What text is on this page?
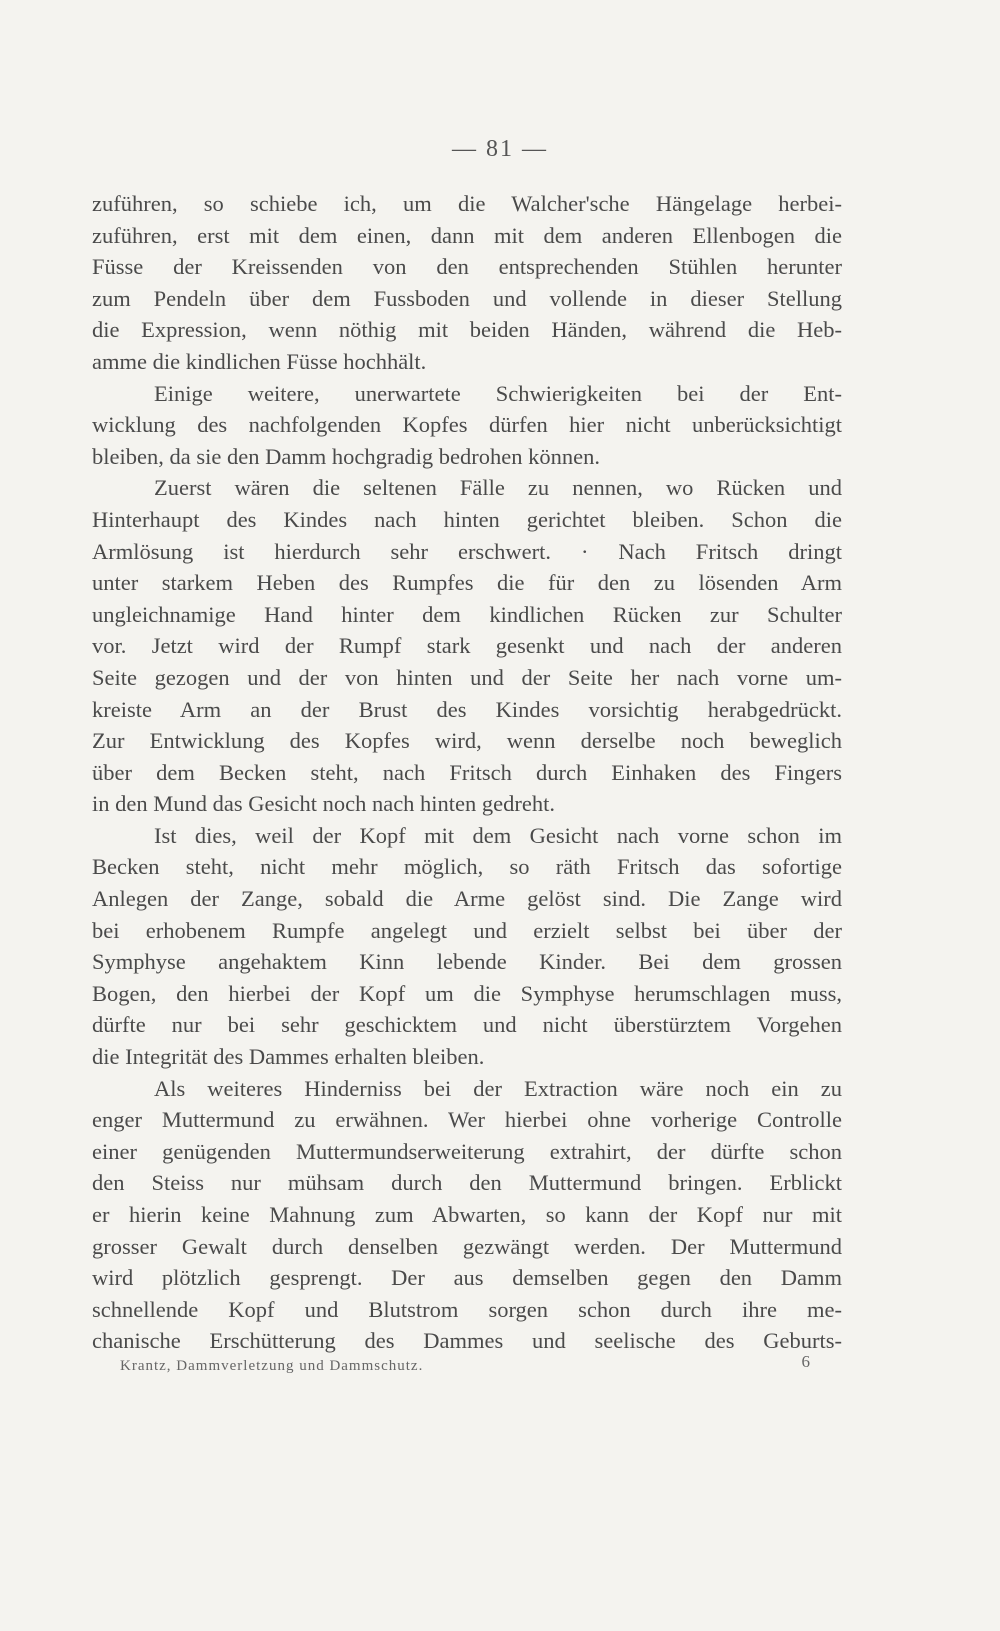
— 81 —
zuführen, so schiebe ich, um die Walcher'sche Hängelage herbei-
zuführen, erst mit dem einen, dann mit dem anderen Ellenbogen die
Füsse der Kreissenden von den entsprechenden Stühlen herunter
zum Pendeln über dem Fussboden und vollende in dieser Stellung
die Expression, wenn nöthig mit beiden Händen, während die Heb-
amme die kindlichen Füsse hochhält.
Einige weitere, unerwartete Schwierigkeiten bei der Ent-
wicklung des nachfolgenden Kopfes dürfen hier nicht unberücksichtigt
bleiben, da sie den Damm hochgradig bedrohen können.
Zuerst wären die seltenen Fälle zu nennen, wo Rücken und
Hinterhaupt des Kindes nach hinten gerichtet bleiben. Schon die
Armlösung ist hierdurch sehr erschwert. · Nach Fritsch dringt
unter starkem Heben des Rumpfes die für den zu lösenden Arm
ungleichnamige Hand hinter dem kindlichen Rücken zur Schulter
vor. Jetzt wird der Rumpf stark gesenkt und nach der anderen
Seite gezogen und der von hinten und der Seite her nach vorne um-
kreiste Arm an der Brust des Kindes vorsichtig herabgedrückt.
Zur Entwicklung des Kopfes wird, wenn derselbe noch beweglich
über dem Becken steht, nach Fritsch durch Einhaken des Fingers
in den Mund das Gesicht noch nach hinten gedreht.
Ist dies, weil der Kopf mit dem Gesicht nach vorne schon im
Becken steht, nicht mehr möglich, so räth Fritsch das sofortige
Anlegen der Zange, sobald die Arme gelöst sind. Die Zange wird
bei erhobenem Rumpfe angelegt und erzielt selbst bei über der
Symphyse angehaktem Kinn lebende Kinder. Bei dem grossen
Bogen, den hierbei der Kopf um die Symphyse herumschlagen muss,
dürfte nur bei sehr geschicktem und nicht überstürztem Vorgehen
die Integrität des Dammes erhalten bleiben.
Als weiteres Hinderniss bei der Extraction wäre noch ein zu
enger Muttermund zu erwähnen. Wer hierbei ohne vorherige Controlle
einer genügenden Muttermundserweiterung extrahirt, der dürfte schon
den Steiss nur mühsam durch den Muttermund bringen. Erblickt
er hierin keine Mahnung zum Abwarten, so kann der Kopf nur mit
grosser Gewalt durch denselben gezwängt werden. Der Muttermund
wird plötzlich gesprengt. Der aus demselben gegen den Damm
schnellende Kopf und Blutstrom sorgen schon durch ihre me-
chanische Erschütterung des Dammes und seelische des Geburts-
Krantz, Dammverletzung und Dammschutz.	6
